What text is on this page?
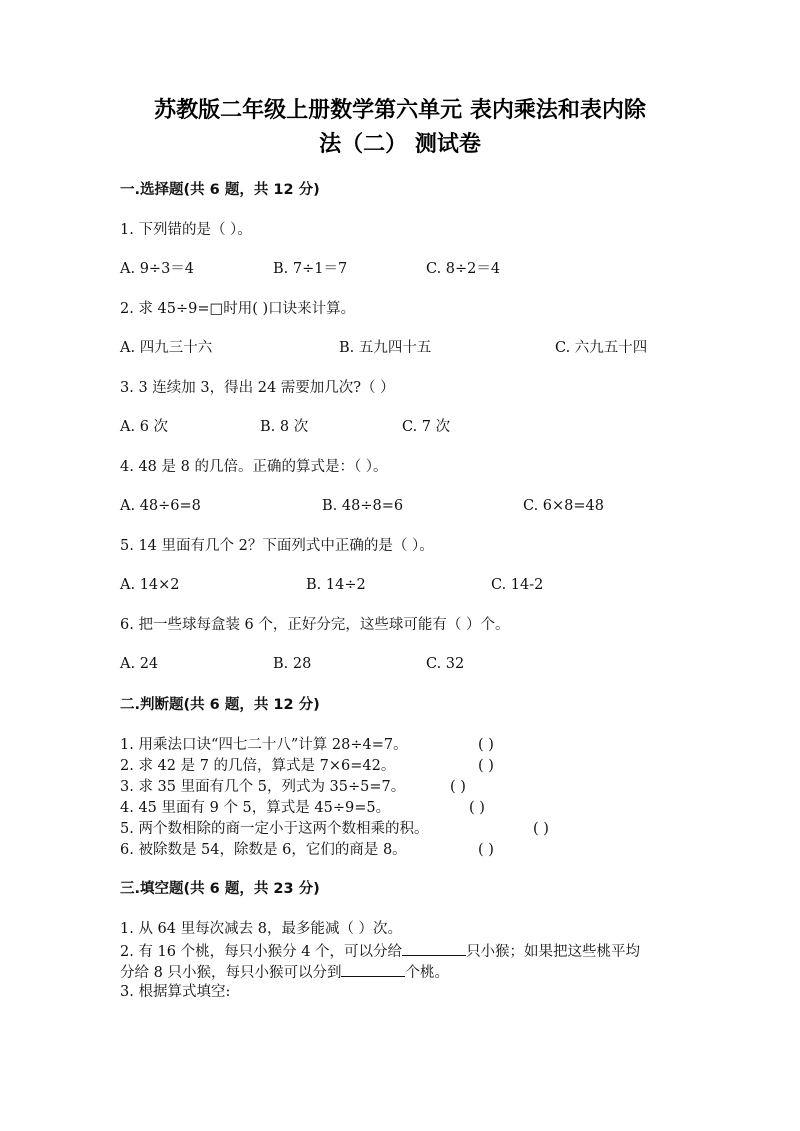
苏教版二年级上册数学第六单元 表内乘法和表内除
法（二） 测试卷
一.选择题(共 6 题，共 12 分)
1. 下列错的是（ ）。
A. 9÷3＝4	B. 7÷1＝7	C. 8÷2＝4
2. 求 45÷9=□时用( )口诀来计算。
A. 四九三十六	B. 五九四十五	C. 六九五十四
3. 3 连续加 3，得出 24 需要加几次?（ ）
A. 6 次	B. 8 次	C. 7 次
4. 48 是 8 的几倍。正确的算式是：（ ）。
A. 48÷6=8	B. 48÷8=6	C. 6×8=48
5. 14 里面有几个 2？下面列式中正确的是（ ）。
A. 14×2	B. 14÷2	C. 14-2
6. 把一些球每盒装 6 个，正好分完，这些球可能有（ ）个。
A. 24	B. 28	C. 32
二.判断题(共 6 题，共 12 分)
1. 用乘法口诀“四七二十八”计算 28÷4=7。	( )
2. 求 42 是 7 的几倍，算式是 7×6=42。	( )
3. 求 35 里面有几个 5，列式为 35÷5=7。	( )
4. 45 里面有 9 个 5，算式是 45÷9=5。	( )
5. 两个数相除的商一定小于这两个数相乘的积。	( )
6. 被除数是 54，除数是 6，它们的商是 8。	( )
三.填空题(共 6 题，共 23 分)
1. 从 64 里每次减去 8，最多能减（ ）次。
2. 有 16 个桃，每只小猴分 4 个，可以分给	只小猴；如果把这些桃平均
分给 8 只小猴，每只小猴可以分到	个桃。
3. 根据算式填空:
